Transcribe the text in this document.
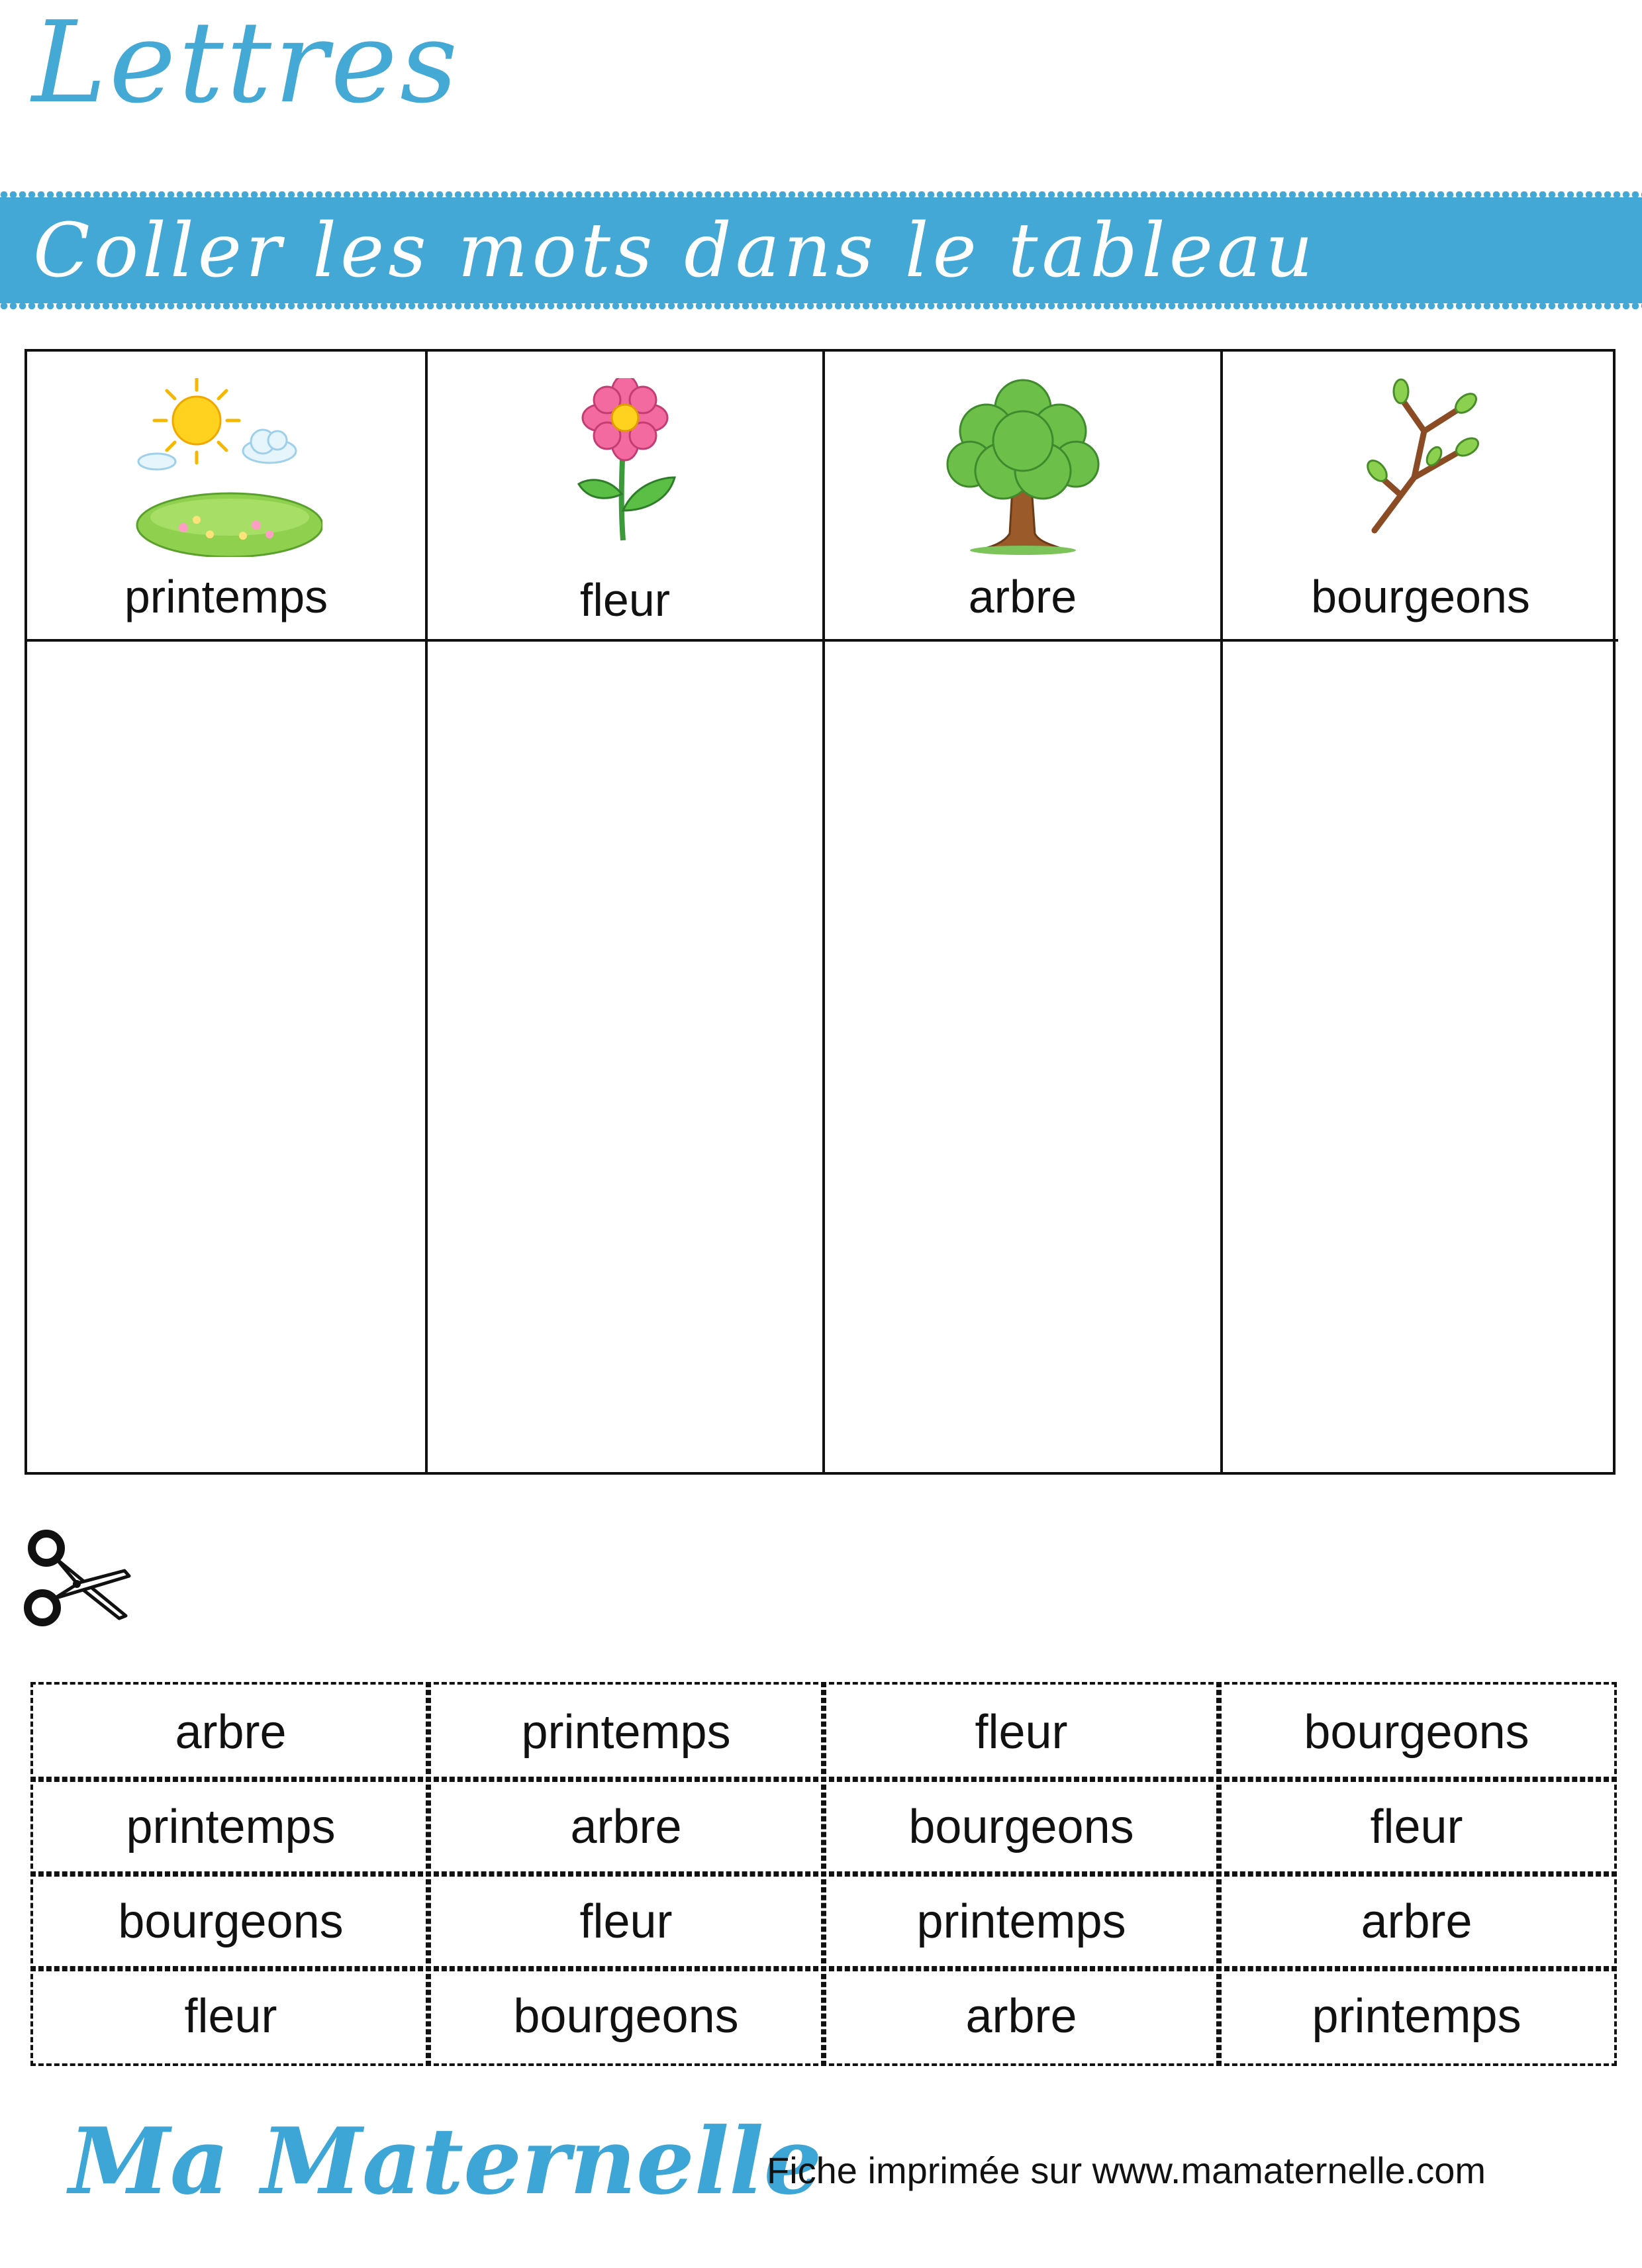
Lettres
Coller les mots dans le tableau
printemps	fleur	arbre	bourgeons
arbre	printemps	fleur	bourgeons
printemps	arbre	bourgeons	fleur
bourgeons	fleur	printemps	arbre
fleur	bourgeons	arbre	printemps
Ma Maternelle
Fiche imprimée sur www.mamaternelle.com
